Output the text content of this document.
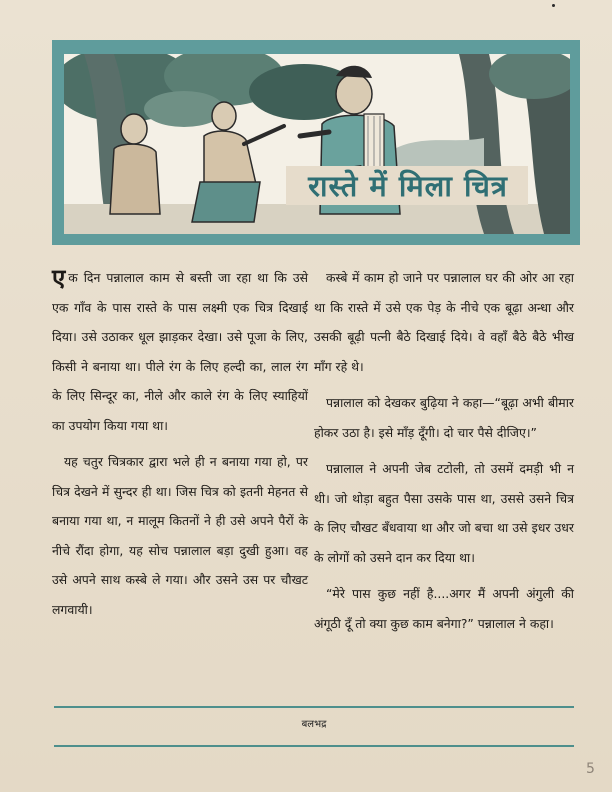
रास्ते में मिला चित्र

एक दिन पन्नालाल काम से बस्ती जा रहा था कि उसे एक गाँव के पास रास्ते के पास लक्ष्मी एक चित्र दिखाई दिया। उसे उठाकर धूल झाड़कर देखा। उसे पूजा के लिए, किसी ने बनाया था। पीले रंग के लिए हल्दी का, लाल रंग के लिए सिन्दूर का, नीले और काले रंग के लिए स्याहियों का उपयोग किया गया था।

यह चतुर चित्रकार द्वारा भले ही न बनाया गया हो, पर चित्र देखने में सुन्दर ही था। जिस चित्र को इतनी मेहनत से बनाया गया था, न मालूम कितनों ने ही उसे अपने पैरों के नीचे रौंदा होगा, यह सोच पन्नालाल बड़ा दुखी हुआ। वह उसे अपने साथ कस्बे ले गया। और उसने उस पर चौखट लगवायी।

कस्बे में काम हो जाने पर पन्नालाल घर की ओर आ रहा था कि रास्ते में उसे एक पेड़ के नीचे एक बूढ़ा अन्धा और उसकी बूढ़ी पत्नी बैठे दिखाई दिये। वे वहाँ बैठे बैठे भीख माँग रहे थे।

पन्नालाल को देखकर बुढ़िया ने कहा—“बूढ़ा अभी बीमार होकर उठा है। इसे माँड़ दूँगी। दो चार पैसे दीजिए।”

पन्नालाल ने अपनी जेब टटोली, तो उसमें दमड़ी भी न थी। जो थोड़ा बहुत पैसा उसके पास था, उससे उसने चित्र के लिए चौखट बँधवाया था और जो बचा था उसे इधर उधर के लोगों को उसने दान कर दिया था।

“मेरे पास कुछ नहीं है....अगर मैं अपनी अंगुली की अंगूठी दूँ तो क्या कुछ काम बनेगा?” पन्नालाल ने कहा।

बलभद्र
5
